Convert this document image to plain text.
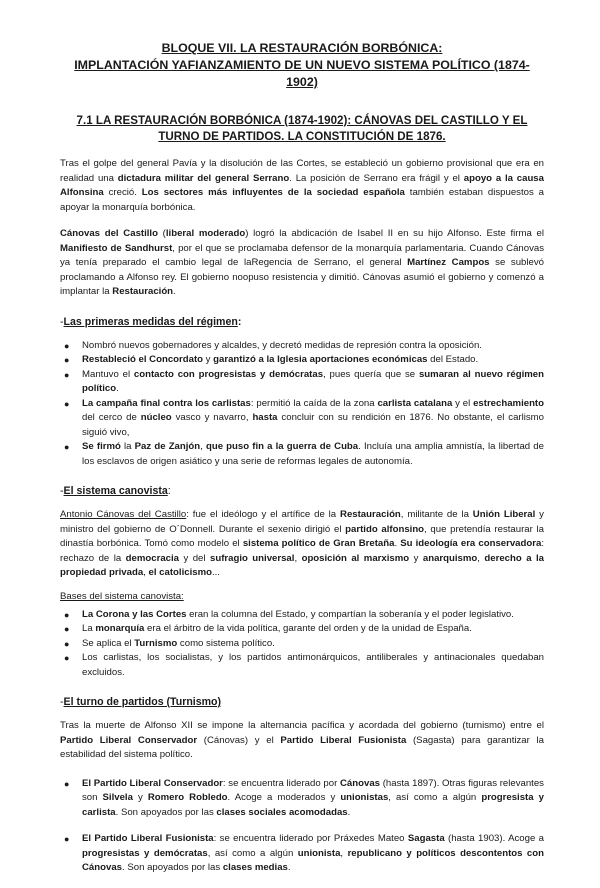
BLOQUE VII. LA RESTAURACIÓN BORBÓNICA:

IMPLANTACIÓN YAFIANZAMIENTO DE UN NUEVO SISTEMA POLÍTICO (1874-1902)

7.1 LA RESTAURACIÓN BORBÓNICA (1874-1902): CÁNOVAS DEL CASTILLO Y EL TURNO DE PARTIDOS. LA CONSTITUCIÓN DE 1876.

Tras el golpe del general Pavía y la disolución de las Cortes, se estableció un gobierno provisional que era en realidad una dictadura militar del general Serrano. La posición de Serrano era frágil y el apoyo a la causa Alfonsina creció. Los sectores más influyentes de la sociedad española también estaban dispuestos a apoyar la monarquía borbónica.

Cánovas del Castillo (liberal moderado) logró la abdicación de Isabel II en su hijo Alfonso. Este firma el Manifiesto de Sandhurst, por el que se proclamaba defensor de la monarquía parlamentaria. Cuando Cánovas ya tenía preparado el cambio legal de laRegencia de Serrano, el general Martínez Campos se sublevó proclamando a Alfonso rey. El gobierno noopuso resistencia y dimitió. Cánovas asumió el gobierno y comenzó a implantar la Restauración.

-Las primeras medidas del régimen:
● Nombró nuevos gobernadores y alcaldes, y decretó medidas de represión contra la oposición.
● Restableció el Concordato y garantizó a la Iglesia aportaciones económicas del Estado.
● Mantuvo el contacto con progresistas y demócratas, pues quería que se sumaran al nuevo régimen político.
● La campaña final contra los carlistas: permitió la caída de la zona carlista catalana y el estrechamiento del cerco de núcleo vasco y navarro, hasta concluir con su rendición en 1876. No obstante, el carlismo siguió vivo,
● Se firmó la Paz de Zanjón, que puso fin a la guerra de Cuba. Incluía una amplia amnistía, la libertad de los esclavos de origen asiático y una serie de reformas legales de autonomía.
-El sistema canovista:

Antonio Cánovas del Castillo: fue el ideólogo y el artífice de la Restauración, militante de la Unión Liberal y ministro del gobierno de O´Donnell. Durante el sexenio dirigió el partido alfonsino, que pretendía restaurar la dinastía borbónica. Tomó como modelo el sistema político de Gran Bretaña. Su ideología era conservadora: rechazo de la democracia y del sufragio universal, oposición al marxismo y anarquismo, derecho a la propiedad privada, el catolicismo...

Bases del sistema canovista:
● La Corona y las Cortes eran la columna del Estado, y compartían la soberanía y el poder legislativo.
● La monarquía era el árbitro de la vida política, garante del orden y de la unidad de España.
● Se aplica el Turnismo como sistema político.
● Los carlistas, los socialistas, y los partidos antimonárquicos, antiliberales y antinacionales quedaban excluidos.
-El turno de partidos (Turnismo)

Tras la muerte de Alfonso XII se impone la alternancia pacífica y acordada del gobierno (turnismo) entre el Partido Liberal Conservador (Cánovas) y el Partido Liberal Fusionista (Sagasta) para garantizar la estabilidad del sistema político.

● El Partido Liberal Conservador: se encuentra liderado por Cánovas (hasta 1897). Otras figuras relevantes son Silvela y Romero Robledo. Acoge a moderados y unionistas, así como a algún progresista y carlista. Son apoyados por las clases sociales acomodadas.
● El Partido Liberal Fusionista: se encuentra liderado por Práxedes Mateo Sagasta (hasta 1903). Acoge a progresistas y demócratas, así como a algún unionista, republicano y políticos descontentos con Cánovas. Son apoyados por las clases medias.
